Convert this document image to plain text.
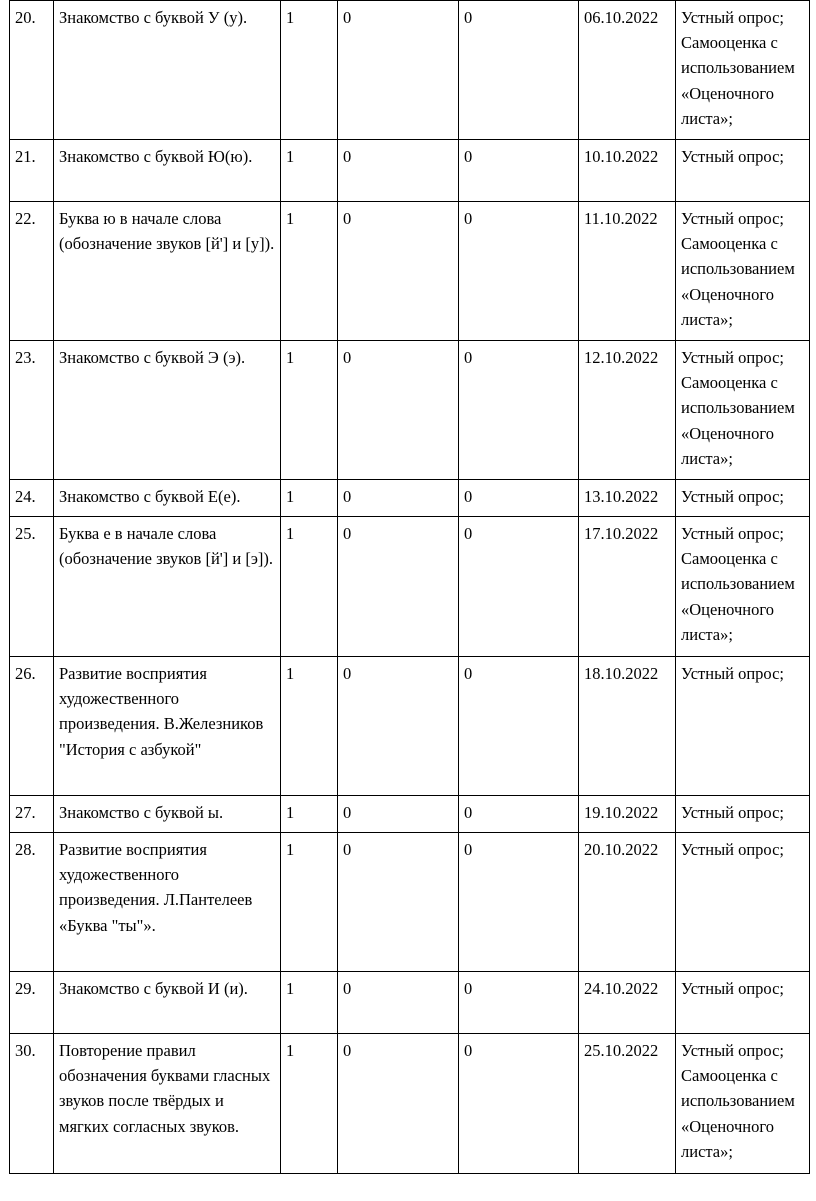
20.	Знакомство с буквой У (у).	1	0	0	06.10.2022	Устный опрос; Самооценка с использованием «Оценочного листа»;
21.	Знакомство с буквой Ю(ю).	1	0	0	10.10.2022	Устный опрос;
22.	Буква ю в начале слова (обозначение звуков [й'] и [у]).	1	0	0	11.10.2022	Устный опрос; Самооценка с использованием «Оценочного листа»;
23.	Знакомство с буквой Э (э).	1	0	0	12.10.2022	Устный опрос; Самооценка с использованием «Оценочного листа»;
24.	Знакомство с буквой Е(е).	1	0	0	13.10.2022	Устный опрос;
25.	Буква е в начале слова (обозначение звуков [й'] и [э]).	1	0	0	17.10.2022	Устный опрос; Самооценка с использованием «Оценочного листа»;
26.	Развитие восприятия художественного произведения. В.Железников "История с азбукой"	1	0	0	18.10.2022	Устный опрос;
27.	Знакомство с буквой ы.	1	0	0	19.10.2022	Устный опрос;
28.	Развитие восприятия художественного произведения. Л.Пантелеев «Буква "ты"».	1	0	0	20.10.2022	Устный опрос;
29.	Знакомство с буквой И (и).	1	0	0	24.10.2022	Устный опрос;
30.	Повторение правил обозначения буквами гласных звуков после твёрдых и мягких согласных звуков.	1	0	0	25.10.2022	Устный опрос; Самооценка с использованием «Оценочного листа»;
